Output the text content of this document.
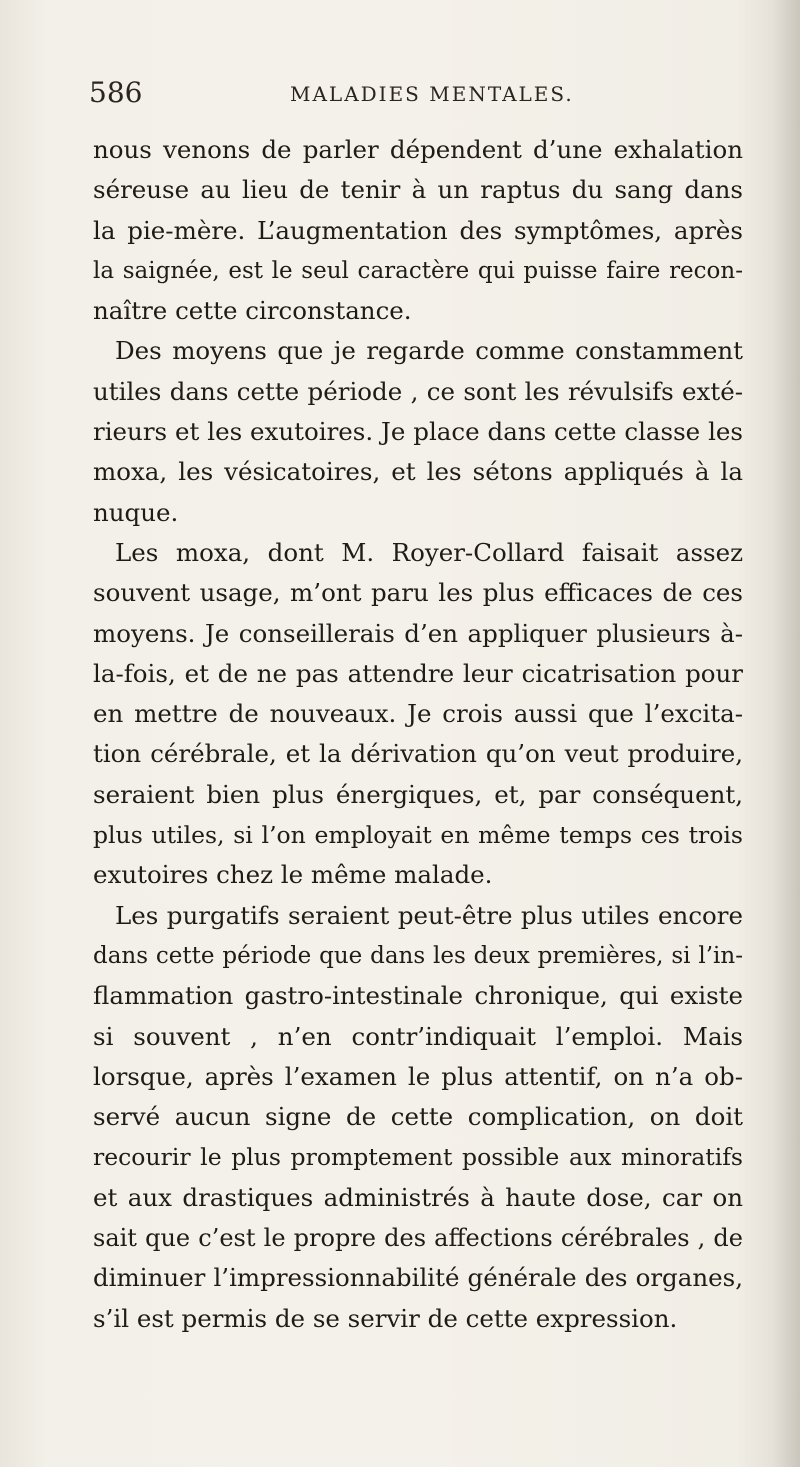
586	MALADIES MENTALES.
nous venons de parler dépendent d’une exhalation
séreuse au lieu de tenir à un raptus du sang dans
la pie-mère. L’augmentation des symptômes, après
la saignée, est le seul caractère qui puisse faire recon-
naître cette circonstance.
Des moyens que je regarde comme constamment
utiles dans cette période , ce sont les révulsifs exté-
rieurs et les exutoires. Je place dans cette classe les
moxa, les vésicatoires, et les sétons appliqués à la
nuque.
Les moxa, dont M. Royer-Collard faisait assez
souvent usage, m’ont paru les plus efficaces de ces
moyens. Je conseillerais d’en appliquer plusieurs à-
la-fois, et de ne pas attendre leur cicatrisation pour
en mettre de nouveaux. Je crois aussi que l’excita-
tion cérébrale, et la dérivation qu’on veut produire,
seraient bien plus énergiques, et, par conséquent,
plus utiles, si l’on employait en même temps ces trois
exutoires chez le même malade.
Les purgatifs seraient peut-être plus utiles encore
dans cette période que dans les deux premières, si l’in-
flammation gastro-intestinale chronique, qui existe
si souvent , n’en contr’indiquait l’emploi. Mais
lorsque, après l’examen le plus attentif, on n’a ob-
servé aucun signe de cette complication, on doit
recourir le plus promptement possible aux minoratifs
et aux drastiques administrés à haute dose, car on
sait que c’est le propre des affections cérébrales , de
diminuer l’impressionnabilité générale des organes,
s’il est permis de se servir de cette expression.
